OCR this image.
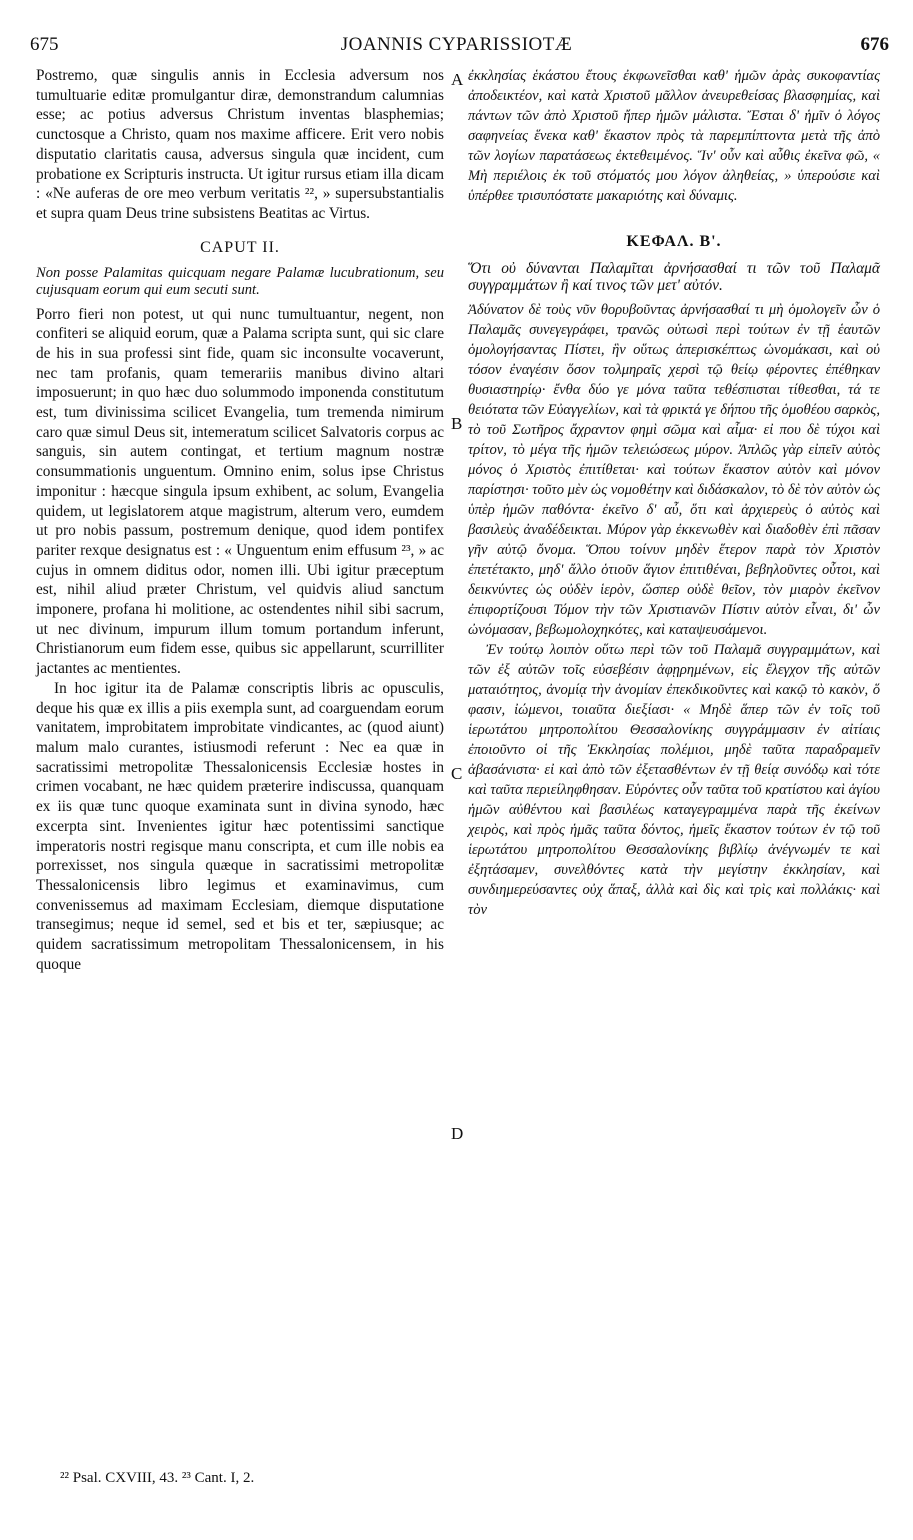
675	JOANNIS CYPARISSIOTÆ	676

Postremo, quæ singulis annis in Ecclesia adversum nos tumultuarie editæ promulgantur diræ, demonstrandum calumnias esse; ac potius adversus Christum inventas blasphemias; cunctosque a Christo, quam nos maxime afficere. Erit vero nobis disputatio claritatis causa, adversus singula quæ incident, cum probatione ex Scripturis instructa. Ut igitur rursus etiam illa dicam : «Ne auferas de ore meo verbum veritatis ²², » supersubstantialis et supra quam Deus trine subsistens Beatitas ac Virtus.

CAPUT II.

Non posse Palamitas quicquam negare Palamæ lucubrationum, seu cujusquam eorum qui eum secuti sunt.

Porro fieri non potest, ut qui nunc tumultuantur, negent, non confiteri se aliquid eorum, quæ a Palama scripta sunt, qui sic clare de his in sua professi sint fide, quam sic inconsulte vocaverunt, nec tam profanis, quam temerariis manibus divino altari imposuerunt; in quo hæc duo solummodo imponenda constitutum est, tum divinissima scilicet Evangelia, tum tremenda nimirum caro quæ simul Deus sit, intemeratum scilicet Salvatoris corpus ac sanguis, sin autem contingat, et tertium magnum nostræ consummationis unguentum. Omnino enim, solus ipse Christus imponitur : hæcque singula ipsum exhibent, ac solum, Evangelia quidem, ut legislatorem atque magistrum, alterum vero, eumdem ut pro nobis passum, postremum denique, quod idem pontifex pariter rexque designatus est : « Unguentum enim effusum ²³, » ac cujus in omnem diditus odor, nomen illi. Ubi igitur præceptum est, nihil aliud præter Christum, vel quidvis aliud sanctum imponere, profana hi molitione, ac ostendentes nihil sibi sacrum, ut nec divinum, impurum illum tomum portandum inferunt, Christianorum eum fidem esse, quibus sic appellarunt, scurrilliter jactantes ac mentientes.

In hoc igitur ita de Palamæ conscriptis libris ac opusculis, deque his quæ ex illis a piis exempla sunt, ad coarguendam eorum vanitatem, improbitatem improbitate vindicantes, ac (quod aiunt) malum malo curantes, istiusmodi referunt : Nec ea quæ in sacratissimi metropolitæ Thessalonicensis Ecclesiæ hostes in crimen vocabant, ne hæc quidem præterire indiscussa, quanquam ex iis quæ tunc quoque examinata sunt in divina synodo, hæc excerpta sint. Invenientes igitur hæc potentissimi sanctique imperatoris nostri regisque manu conscripta, et cum ille nobis ea porrexisset, nos singula quæque in sacratissimi metropolitæ Thessalonicensis libro legimus et examinavimus, cum convenissemus ad maximam Ecclesiam, diemque disputatione transegimus; neque id semel, sed et bis et ter, sæpiusque; ac quidem sacratissimum metropolitam Thessalonicensem, in his quoque

A
B
C
D

ἐκκλησίας ἑκάστου ἔτους ἐκφωνεῖσθαι καθ' ἡμῶν ἀρὰς συκοφαντίας ἀποδεικτέον, καὶ κατὰ Χριστοῦ μᾶλλον ἀνευρεθείσας βλασφημίας, καὶ πάντων τῶν ἀπὸ Χριστοῦ ἤπερ ἡμῶν μάλιστα. Ἔσται δ' ἡμῖν ὁ λόγος σαφηνείας ἕνεκα καθ' ἕκαστον πρὸς τὰ παρεμπίπτοντα μετὰ τῆς ἀπὸ τῶν λογίων παρατάσεως ἐκτεθειμένος. Ἵν' οὖν καὶ αὖθις ἐκεῖνα φῶ, « Μὴ περιέλοις ἐκ τοῦ στόματός μου λόγον ἀληθείας, » ὑπερούσιε καὶ ὑπέρθεε τρισυπόστατε μακαριότης καὶ δύναμις.

ΚΕΦΑΛ. Β'.

Ὅτι οὐ δύνανται Παλαμῖται ἀρνήσασθαί τι τῶν τοῦ Παλαμᾶ συγγραμμάτων ἢ καί τινος τῶν μετ' αὐτόν.

Ἀδύνατον δὲ τοὺς νῦν θορυβοῦντας ἀρνήσασθαί τι μὴ ὁμολογεῖν ὧν ὁ Παλαμᾶς συνεγεγράφει, τρανῶς οὑτωσὶ περὶ τούτων ἐν τῇ ἑαυτῶν ὁμολογήσαντας Πίστει, ἣν οὕτως ἀπερισκέπτως ὠνομάκασι, καὶ οὐ τόσον ἐναγέσιν ὅσον τολμηραῖς χερσὶ τῷ θείῳ φέροντες ἐπέθηκαν θυσιαστηρίῳ· ἔνθα δύο γε μόνα ταῦτα τεθέσπισται τίθεσθαι, τά τε θειότατα τῶν Εὐαγγελίων, καὶ τὰ φρικτά γε δήπου τῆς ὁμοθέου σαρκὸς, τὸ τοῦ Σωτῆρος ἄχραντον φημὶ σῶμα καὶ αἷμα· εἰ που δὲ τύχοι καὶ τρίτον, τὸ μέγα τῆς ἡμῶν τελειώσεως μύρον. Ἁπλῶς γὰρ εἰπεῖν αὐτὸς μόνος ὁ Χριστὸς ἐπιτίθεται· καὶ τούτων ἕκαστον αὐτὸν καὶ μόνον παρίστησι· τοῦτο μὲν ὡς νομοθέτην καὶ διδάσκαλον, τὸ δὲ τὸν αὐτὸν ὡς ὑπὲρ ἡμῶν παθόντα· ἐκεῖνο δ' αὖ, ὅτι καὶ ἀρχιερεὺς ὁ αὐτὸς καὶ βασιλεὺς ἀναδέδεικται. Μύρον γὰρ ἐκκενωθὲν καὶ διαδοθὲν ἐπὶ πᾶσαν γῆν αὐτῷ ὄνομα. Ὅπου τοίνυν μηδὲν ἕτερον παρὰ τὸν Χριστὸν ἐπετέτακτο, μηδ' ἄλλο ὁτιοῦν ἅγιον ἐπιτιθέναι, βεβηλοῦντες οὗτοι, καὶ δεικνύντες ὡς οὐδὲν ἱερὸν, ὥσπερ οὐδὲ θεῖον, τὸν μιαρὸν ἐκεῖνον ἐπιφορτίζουσι Τόμον τὴν τῶν Χριστιανῶν Πίστιν αὐτὸν εἶναι, δι' ὧν ὠνόμασαν, βεβωμολοχηκότες, καὶ καταψευσάμενοι.

Ἐν τούτῳ λοιπὸν οὕτω περὶ τῶν τοῦ Παλαμᾶ συγγραμμάτων, καὶ τῶν ἐξ αὐτῶν τοῖς εὐσεβέσιν ἀφῃρημένων, εἰς ἔλεγχον τῆς αὐτῶν ματαιότητος, ἀνομίᾳ τὴν ἀνομίαν ἐπεκδικοῦντες καὶ κακῷ τὸ κακὸν, ὅ φασιν, ἰώμενοι, τοιαῦτα διεξίασι· « Μηδὲ ἅπερ τῶν ἐν τοῖς τοῦ ἱερωτάτου μητροπολίτου Θεσσαλονίκης συγγράμμασιν ἐν αἰτίαις ἐποιοῦντο οἱ τῆς Ἐκκλησίας πολέμιοι, μηδὲ ταῦτα παραδραμεῖν ἀβασάνιστα· εἰ καὶ ἀπὸ τῶν ἐξετασθέντων ἐν τῇ θείᾳ συνόδῳ καὶ τότε καὶ ταῦτα περιείληφθησαν. Εὑρόντες οὖν ταῦτα τοῦ κρατίστου καὶ ἁγίου ἡμῶν αὐθέντου καὶ βασιλέως καταγεγραμμένα παρὰ τῆς ἐκείνων χειρὸς, καὶ πρὸς ἡμᾶς ταῦτα δόντος, ἡμεῖς ἕκαστον τούτων ἐν τῷ τοῦ ἱερωτάτου μητροπολίτου Θεσσαλονίκης βιβλίῳ ἀνέγνωμέν τε καὶ ἐξητάσαμεν, συνελθόντες κατὰ τὴν μεγίστην ἐκκλησίαν, καὶ συνδιημερεύσαντες οὐχ ἅπαξ, ἀλλὰ καὶ δὶς καὶ τρὶς καὶ πολλάκις· καὶ τὸν

²² Psal. CXVIII, 43. ²³ Cant. I, 2.
